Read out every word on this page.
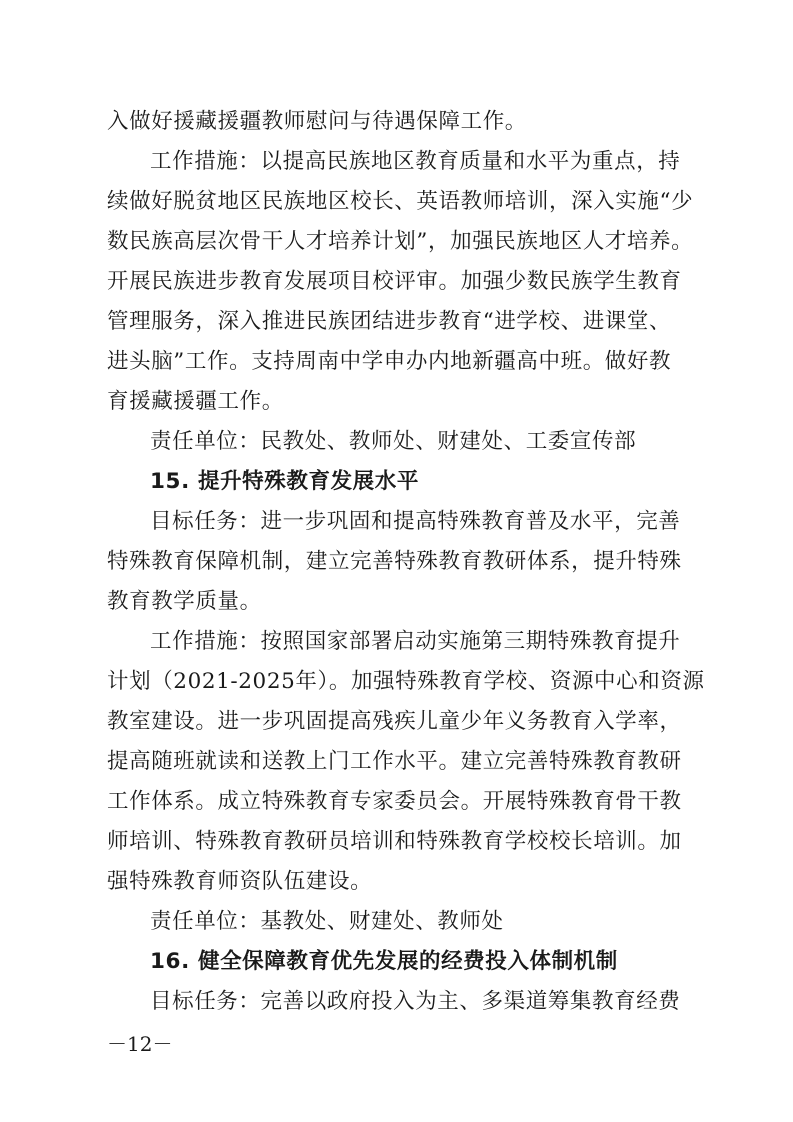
入做好援藏援疆教师慰问与待遇保障工作。
工作措施：以提高民族地区教育质量和水平为重点，持
续做好脱贫地区民族地区校长、英语教师培训，深入实施“少
数民族高层次骨干人才培养计划”，加强民族地区人才培养。
开展民族进步教育发展项目校评审。加强少数民族学生教育
管理服务，深入推进民族团结进步教育“进学校、进课堂、
进头脑”工作。支持周南中学申办内地新疆高中班。做好教
育援藏援疆工作。
责任单位：民教处、教师处、财建处、工委宣传部
15. 提升特殊教育发展水平
目标任务：进一步巩固和提高特殊教育普及水平，完善
特殊教育保障机制，建立完善特殊教育教研体系，提升特殊
教育教学质量。
工作措施：按照国家部署启动实施第三期特殊教育提升
计划（2021-2025年）。加强特殊教育学校、资源中心和资源
教室建设。进一步巩固提高残疾儿童少年义务教育入学率，
提高随班就读和送教上门工作水平。建立完善特殊教育教研
工作体系。成立特殊教育专家委员会。开展特殊教育骨干教
师培训、特殊教育教研员培训和特殊教育学校校长培训。加
强特殊教育师资队伍建设。
责任单位：基教处、财建处、教师处
16. 健全保障教育优先发展的经费投入体制机制
目标任务：完善以政府投入为主、多渠道筹集教育经费
－12－
